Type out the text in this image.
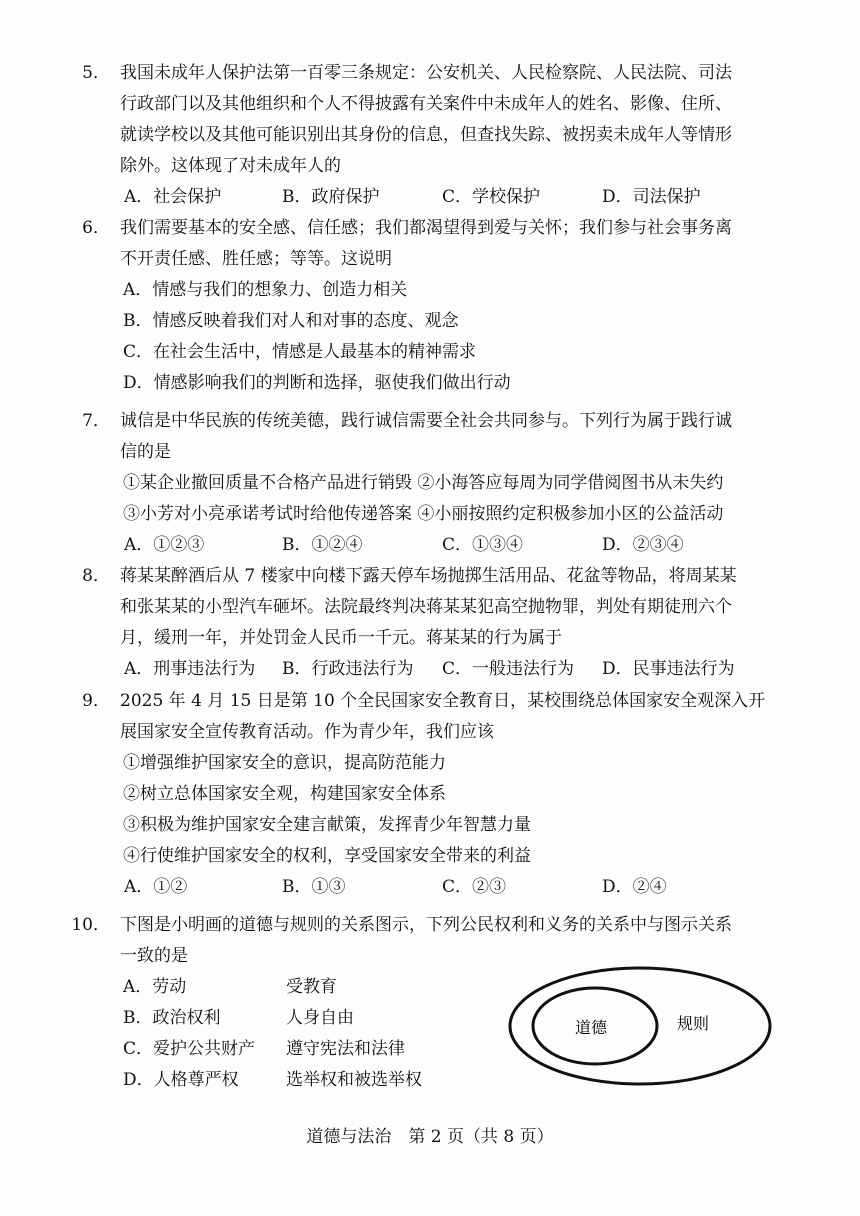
5． 我国未成年人保护法第一百零三条规定：公安机关、人民检察院、人民法院、司法
行政部门以及其他组织和个人不得披露有关案件中未成年人的姓名、影像、住所、
就读学校以及其他可能识别出其身份的信息，但查找失踪、被拐卖未成年人等情形
除外。这体现了对未成年人的
A．社会保护	B．政府保护	C．学校保护	D．司法保护
6． 我们需要基本的安全感、信任感；我们都渴望得到爱与关怀；我们参与社会事务离
不开责任感、胜任感；等等。这说明
A．情感与我们的想象力、创造力相关
B．情感反映着我们对人和对事的态度、观念
C．在社会生活中，情感是人最基本的精神需求
D．情感影响我们的判断和选择，驱使我们做出行动
7． 诚信是中华民族的传统美德，践行诚信需要全社会共同参与。下列行为属于践行诚
信的是
①某企业撤回质量不合格产品进行销毁 ②小海答应每周为同学借阅图书从未失约
③小芳对小亮承诺考试时给他传递答案 ④小丽按照约定积极参加小区的公益活动
A．①②③	B．①②④	C．①③④	D．②③④
8． 蒋某某醉酒后从 7 楼家中向楼下露天停车场抛掷生活用品、花盆等物品，将周某某
和张某某的小型汽车砸坏。法院最终判决蒋某某犯高空抛物罪，判处有期徒刑六个
月，缓刑一年，并处罚金人民币一千元。蒋某某的行为属于
A．刑事违法行为 B．行政违法行为 C．一般违法行为 D．民事违法行为
9． 2025 年 4 月 15 日是第 10 个全民国家安全教育日，某校围绕总体国家安全观深入开
展国家安全宣传教育活动。作为青少年，我们应该
①增强维护国家安全的意识，提高防范能力
②树立总体国家安全观，构建国家安全体系
③积极为维护国家安全建言献策，发挥青少年智慧力量
④行使维护国家安全的权利，享受国家安全带来的利益
A．①②	B．①③	C．②③	D．②④
10． 下图是小明画的道德与规则的关系图示，下列公民权利和义务的关系中与图示关系
一致的是
A．劳动	受教育
B．政治权利	人身自由
C．爱护公共财产 遵守宪法和法律
D．人格尊严权	选举权和被选举权
道德	规则
道德与法治　第 2 页（共 8 页）
